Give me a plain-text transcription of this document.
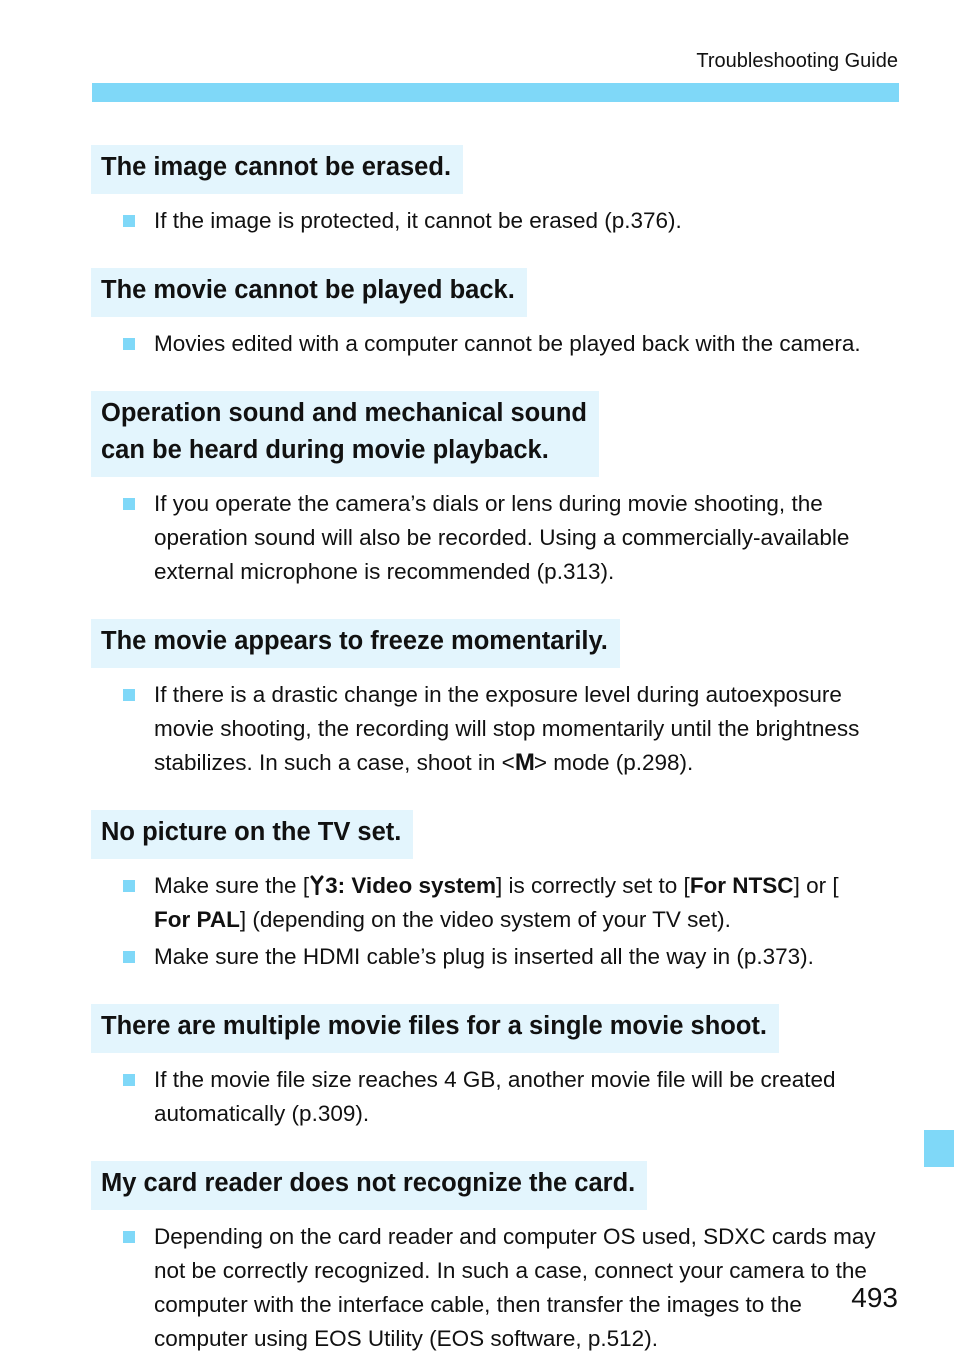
Troubleshooting Guide
The image cannot be erased.
If the image is protected, it cannot be erased (p.376).
The movie cannot be played back.
Movies edited with a computer cannot be played back with the camera.
Operation sound and mechanical sound
can be heard during movie playback.
If you operate the camera’s dials or lens during movie shooting, the operation sound will also be recorded. Using a commercially-available external microphone is recommended (p.313).
The movie appears to freeze momentarily.
If there is a drastic change in the exposure level during autoexposure movie shooting, the recording will stop momentarily until the brightness stabilizes. In such a case, shoot in <M> mode (p.298).
No picture on the TV set.
Make sure the [ 3: Video system] is correctly set to [For NTSC] or [
For PAL] (depending on the video system of your TV set).
Make sure the HDMI cable’s plug is inserted all the way in (p.373).
There are multiple movie files for a single movie shoot.
If the movie file size reaches 4 GB, another movie file will be created automatically (p.309).
My card reader does not recognize the card.
Depending on the card reader and computer OS used, SDXC cards may not be correctly recognized. In such a case, connect your camera to the computer with the interface cable, then transfer the images to the computer using EOS Utility (EOS software, p.512).
493
